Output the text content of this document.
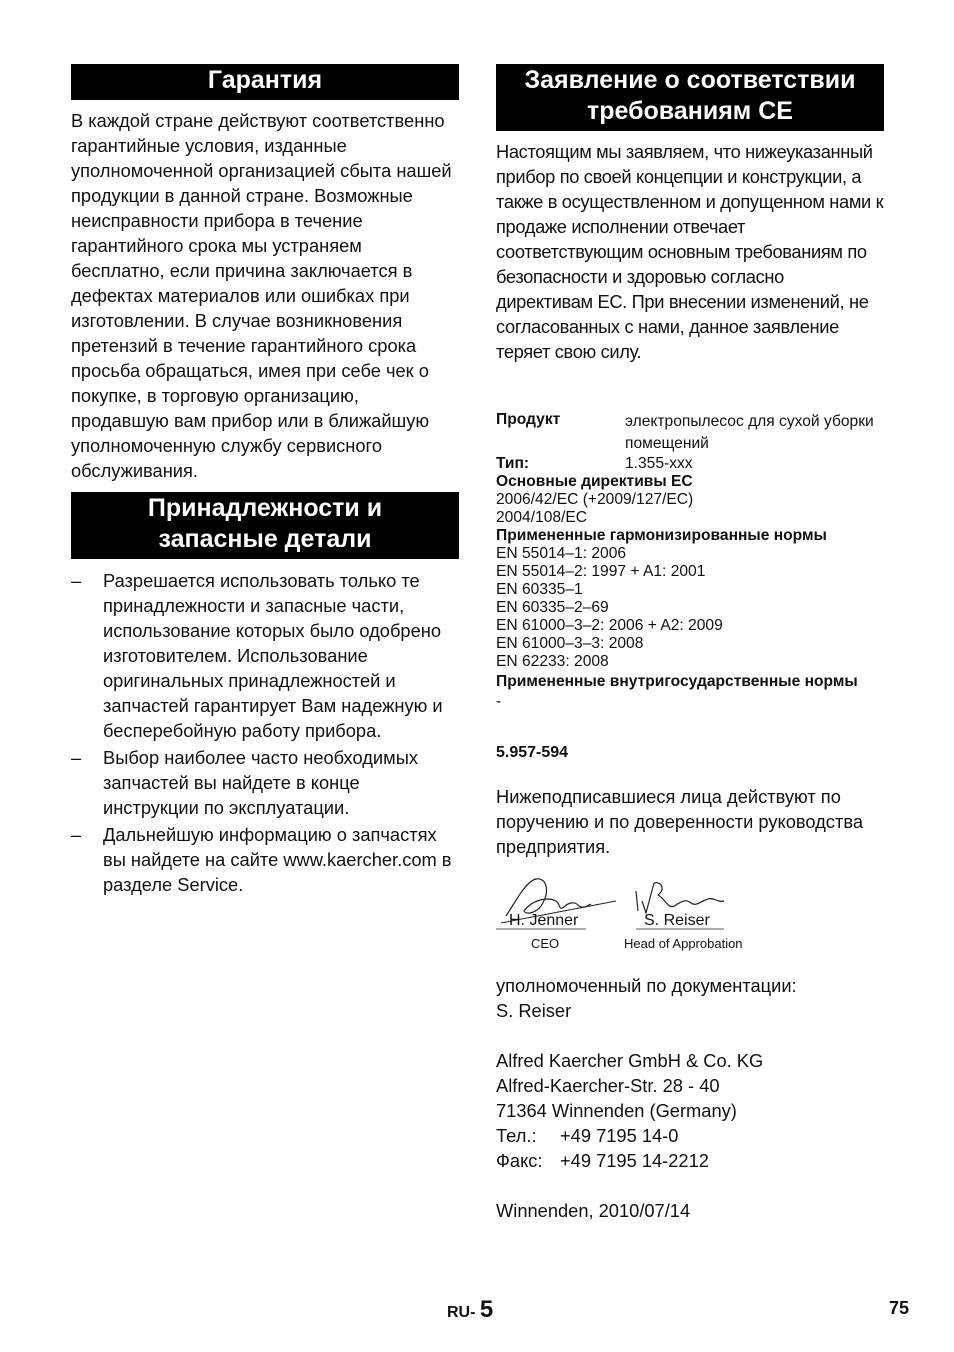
Гарантия
В каждой стране действуют соответственно гарантийные условия, изданные уполномоченной организацией сбыта нашей продукции в данной стране. Возможные неисправности прибора в течение гарантийного срока мы устраняем бесплатно, если причина заключается в дефектах материалов или ошибках при изготовлении. В случае возникновения претензий в течение гарантийного срока просьба обращаться, имея при себе чек о покупке, в торговую организацию, продавшую вам прибор или в ближайшую уполномоченную службу сервисного обслуживания.
Принадлежности и
запасные детали
– Разрешается использовать только те принадлежности и запасные части, использование которых было одобрено изготовителем. Использование оригинальных принадлежностей и запчастей гарантирует Вам надежную и бесперебойную работу прибора.
– Выбор наиболее часто необходимых запчастей вы найдете в конце инструкции по эксплуатации.
– Дальнейшую информацию о запчастях вы найдете на сайте www.kaercher.com в разделе Service.
Заявление о соответствии
требованиям CE
Настоящим мы заявляем, что нижеуказанный прибор по своей концепции и конструкции, а также в осуществленном и допущенном нами к продаже исполнении отвечает соответствующим основным требованиям по безопасности и здоровью согласно директивам ЕС. При внесении изменений, не согласованных с нами, данное заявление теряет свою силу.
Продукт	электропылесос для сухой уборки помещений
Тип:	1.355-xxx
Основные директивы ЕС
2006/42/EC (+2009/127/EC)
2004/108/EC
Примененные гармонизированные нормы
EN 55014–1: 2006
EN 55014–2: 1997 + A1: 2001
EN 60335–1
EN 60335–2–69
EN 61000–3–2: 2006 + A2: 2009
EN 61000–3–3: 2008
EN 62233: 2008
Примененные внутригосударственные нормы
-
5.957-594
Нижеподписавшиеся лица действуют по поручению и по доверенности руководства предприятия.
H. Jenner
CEO
S. Reiser
Head of Approbation
уполномоченный по документации:
S. Reiser
Alfred Kaercher GmbH & Co. KG
Alfred-Kaercher-Str. 28 - 40
71364 Winnenden (Germany)
Тел.: +49 7195 14-0
Факс: +49 7195 14-2212
Winnenden, 2010/07/14
RU- 5	75
